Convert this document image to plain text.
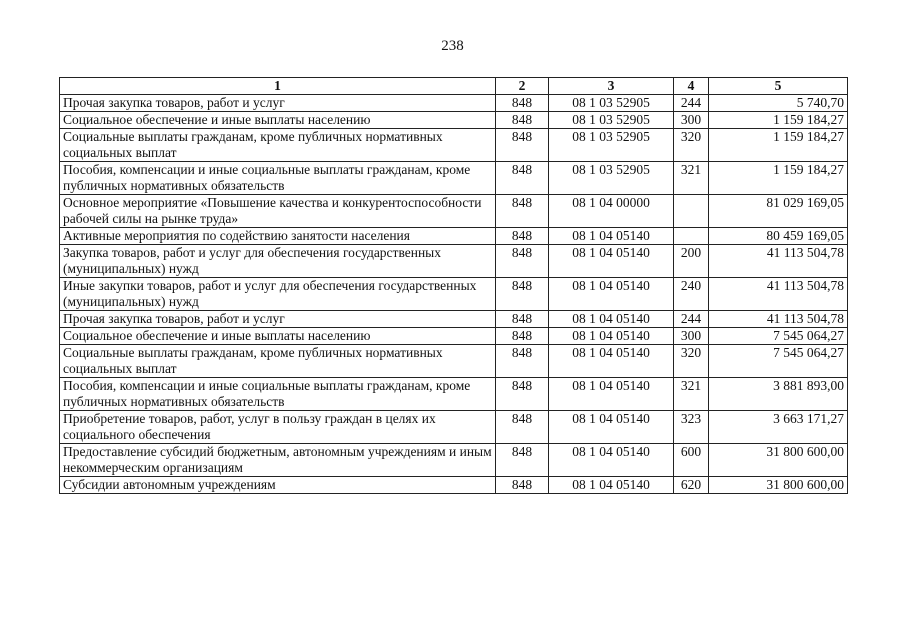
238
1	2	3	4	5
Прочая закупка товаров, работ и услуг	848	08 1 03 52905	244	5 740,70
Социальное обеспечение и иные выплаты населению	848	08 1 03 52905	300	1 159 184,27
Социальные выплаты гражданам, кроме публичных нормативных социальных выплат	848	08 1 03 52905	320	1 159 184,27
Пособия, компенсации и иные социальные выплаты гражданам, кроме публичных нормативных обязательств	848	08 1 03 52905	321	1 159 184,27
Основное мероприятие «Повышение качества и конкурентоспособности рабочей силы на рынке труда»	848	08 1 04 00000		81 029 169,05
Активные мероприятия по содействию занятости населения	848	08 1 04 05140		80 459 169,05
Закупка товаров, работ и услуг для обеспечения государственных (муниципальных) нужд	848	08 1 04 05140	200	41 113 504,78
Иные закупки товаров, работ и услуг для обеспечения государственных (муниципальных) нужд	848	08 1 04 05140	240	41 113 504,78
Прочая закупка товаров, работ и услуг	848	08 1 04 05140	244	41 113 504,78
Социальное обеспечение и иные выплаты населению	848	08 1 04 05140	300	7 545 064,27
Социальные выплаты гражданам, кроме публичных нормативных социальных выплат	848	08 1 04 05140	320	7 545 064,27
Пособия, компенсации и иные социальные выплаты гражданам, кроме публичных нормативных обязательств	848	08 1 04 05140	321	3 881 893,00
Приобретение товаров, работ, услуг в пользу граждан в целях их социального обеспечения	848	08 1 04 05140	323	3 663 171,27
Предоставление субсидий бюджетным, автономным учреждениям и иным некоммерческим организациям	848	08 1 04 05140	600	31 800 600,00
Субсидии автономным учреждениям	848	08 1 04 05140	620	31 800 600,00
